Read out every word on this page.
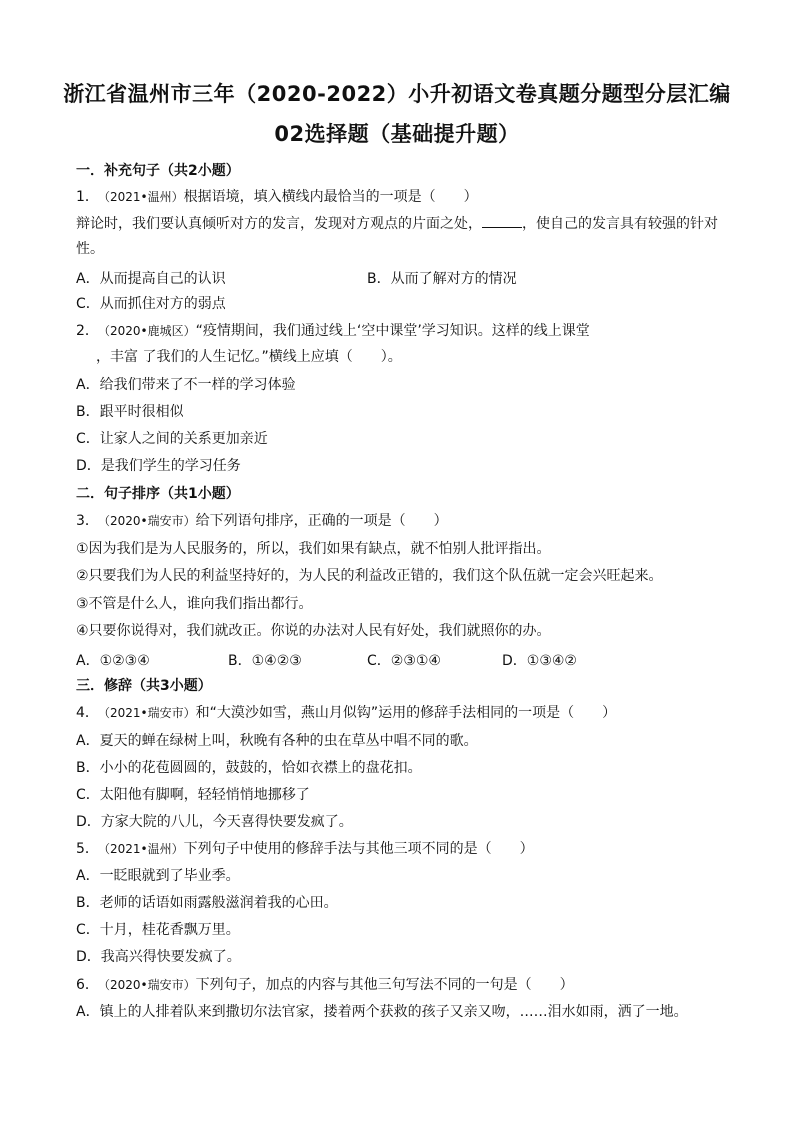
浙江省温州市三年（2020-2022）小升初语文卷真题分题型分层汇编
02选择题（基础提升题）
一．补充句子（共2小题）
1．（2021•温州）根据语境，填入横线内最恰当的一项是（　　）
辩论时，我们要认真倾听对方的发言，发现对方观点的片面之处，	，使自己的发言具有较强的针对
性。
A．从而提高自己的认识	B．从而了解对方的情况
C．从而抓住对方的弱点
2．（2020•鹿城区）“疫情期间，我们通过线上‘空中课堂’学习知识。这样的线上课堂
，丰富 了我们的人生记忆。”横线上应填（　　）。
A．给我们带来了不一样的学习体验
B．跟平时很相似
C．让家人之间的关系更加亲近
D．是我们学生的学习任务
二．句子排序（共1小题）
3．（2020•瑞安市）给下列语句排序，正确的一项是（　　）
①因为我们是为人民服务的，所以，我们如果有缺点，就不怕别人批评指出。
②只要我们为人民的利益坚持好的，为人民的利益改正错的，我们这个队伍就一定会兴旺起来。
③不管是什么人，谁向我们指出都行。
④只要你说得对，我们就改正。你说的办法对人民有好处，我们就照你的办。
A．①②③④	B．①④②③	C．②③①④	D．①③④②
三．修辞（共3小题）
4．（2021•瑞安市）和“大漠沙如雪，燕山月似钩”运用的修辞手法相同的一项是（　　）
A．夏天的蝉在绿树上叫，秋晚有各种的虫在草丛中唱不同的歌。
B．小小的花苞圆圆的，鼓鼓的，恰如衣襟上的盘花扣。
C．太阳他有脚啊，轻轻悄悄地挪移了
D．方家大院的八儿，今天喜得快要发疯了。
5．（2021•温州）下列句子中使用的修辞手法与其他三项不同的是（　　）
A．一眨眼就到了毕业季。
B．老师的话语如雨露般滋润着我的心田。
C．十月，桂花香飘万里。
D．我高兴得快要发疯了。
6．（2020•瑞安市）下列句子，加点的内容与其他三句写法不同的一句是（　　）
A．镇上的人排着队来到撒切尔法官家，搂着两个获救的孩子又亲又吻，……泪水如雨，洒了一地。
